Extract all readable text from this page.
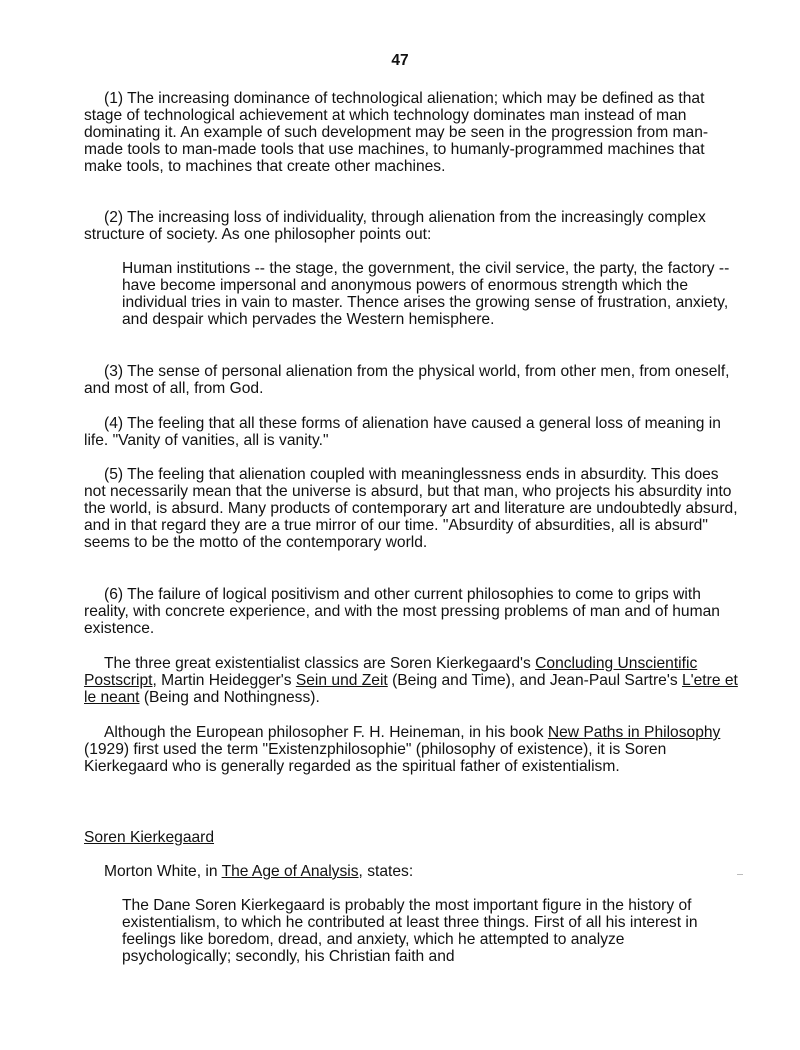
47

(1) The increasing dominance of technological alienation; which may be defined as that stage of technological achievement at which technology dominates man instead of man dominating it. An example of such development may be seen in the progression from man-made tools to man-made tools that use machines, to humanly-programmed machines that make tools, to machines that create other machines.

(2) The increasing loss of individuality, through alienation from the increasingly complex structure of society. As one philosopher points out:

Human institutions -- the stage, the government, the civil service, the party, the factory -- have become impersonal and anonymous powers of enormous strength which the individual tries in vain to master. Thence arises the growing sense of frustration, anxiety, and despair which pervades the Western hemisphere.

(3) The sense of personal alienation from the physical world, from other men, from oneself, and most of all, from God.

(4) The feeling that all these forms of alienation have caused a general loss of meaning in life. "Vanity of vanities, all is vanity."

(5) The feeling that alienation coupled with meaninglessness ends in absurdity. This does not necessarily mean that the universe is absurd, but that man, who projects his absurdity into the world, is absurd. Many products of contemporary art and literature are undoubtedly absurd, and in that regard they are a true mirror of our time. "Absurdity of absurdities, all is absurd" seems to be the motto of the contemporary world.

(6) The failure of logical positivism and other current philosophies to come to grips with reality, with concrete experience, and with the most pressing problems of man and of human existence.

The three great existentialist classics are Soren Kierkegaard's Concluding Unscientific Postscript, Martin Heidegger's Sein und Zeit (Being and Time), and Jean-Paul Sartre's L'etre et le neant (Being and Nothingness).

Although the European philosopher F. H. Heineman, in his book New Paths in Philosophy (1929) first used the term "Existenzphilosophie" (philosophy of existence), it is Soren Kierkegaard who is generally regarded as the spiritual father of existentialism.

Soren Kierkegaard

Morton White, in The Age of Analysis, states:

The Dane Soren Kierkegaard is probably the most important figure in the history of existentialism, to which he contributed at least three things. First of all his interest in feelings like boredom, dread, and anxiety, which he attempted to analyze psychologically; secondly, his Christian faith and
